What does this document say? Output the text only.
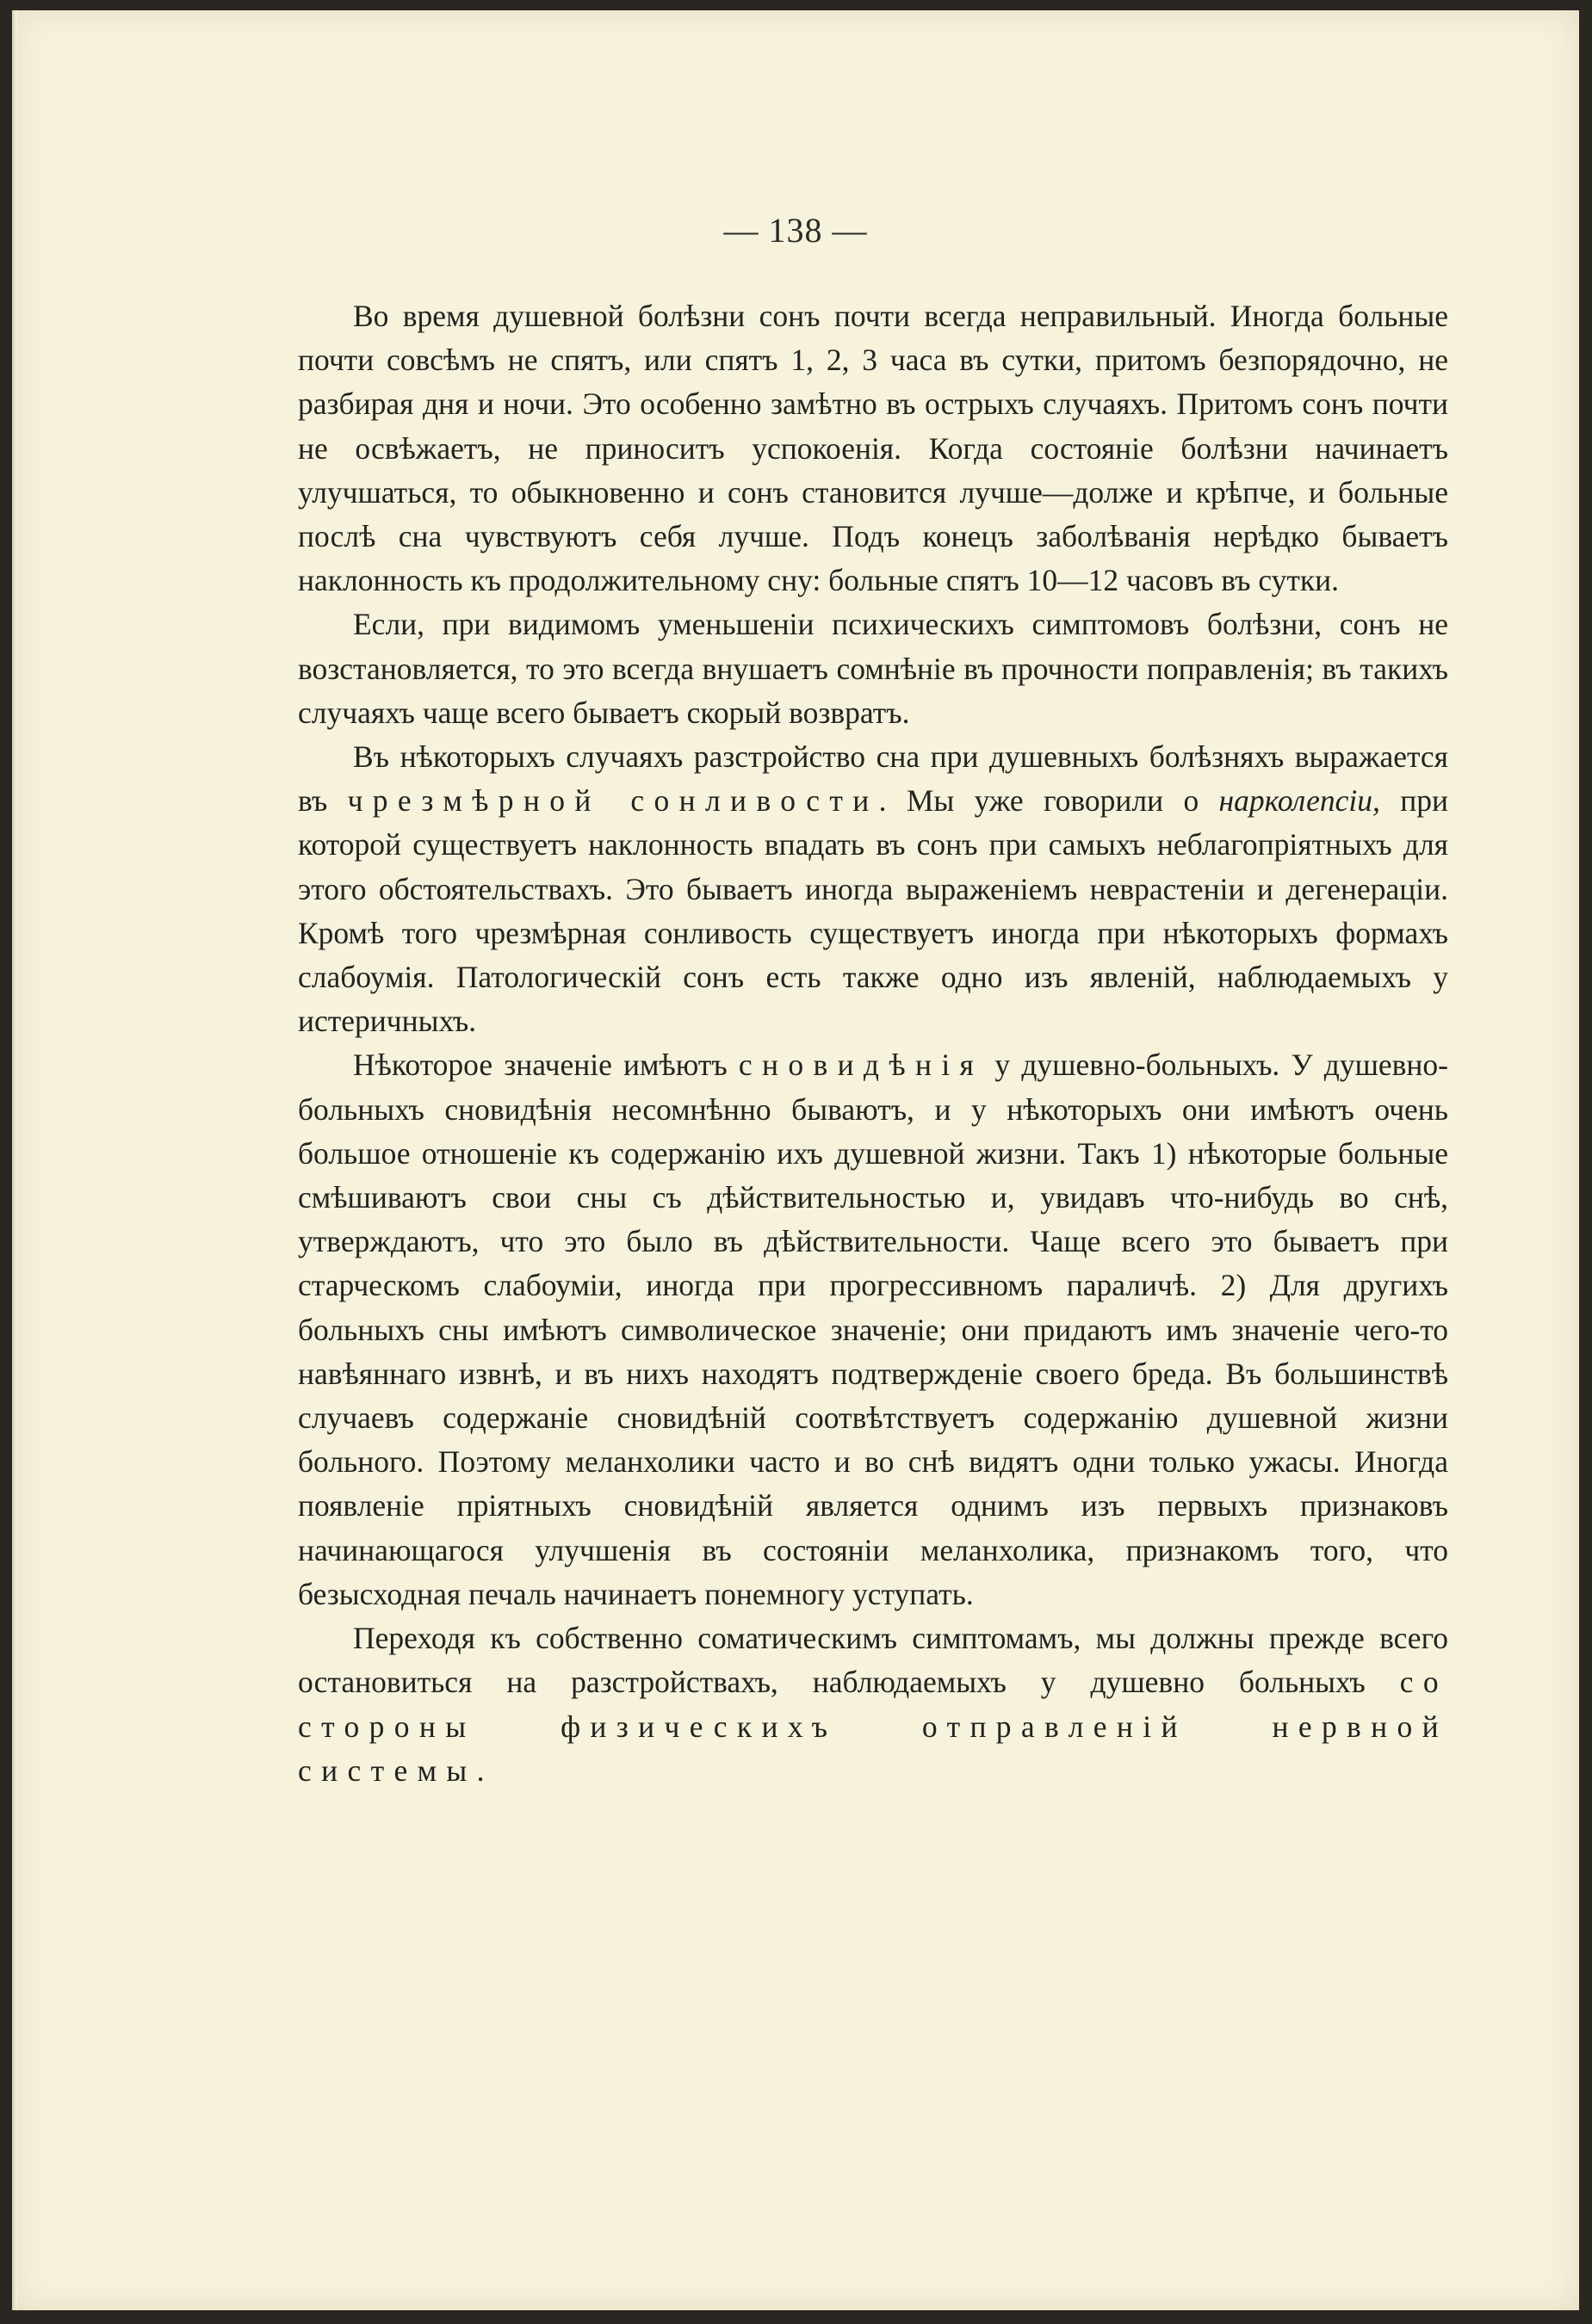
— 138 —

Во время душевной болѣзни сонъ почти всегда неправильный. Иногда больные почти совсѣмъ не спятъ, или спятъ 1, 2, 3 часа въ сутки, притомъ безпорядочно, не разбирая дня и ночи. Это особенно замѣтно въ острыхъ случаяхъ. Притомъ сонъ почти не освѣжаетъ, не приноситъ успокоенія. Когда состояніе болѣзни начинаетъ улучшаться, то обыкновенно и сонъ становится лучше—долже и крѣпче, и больные послѣ сна чувствуютъ себя лучше. Подъ конецъ заболѣванія нерѣдко бываетъ наклонность къ продолжительному сну: больные спятъ 10—12 часовъ въ сутки.

Если, при видимомъ уменьшеніи психическихъ симптомовъ болѣзни, сонъ не возстановляется, то это всегда внушаетъ сомнѣніе въ прочности поправленія; въ такихъ случаяхъ чаще всего бываетъ скорый возвратъ.

Въ нѣкоторыхъ случаяхъ разстройство сна при душевныхъ болѣзняхъ выражается въ чрезмѣрной сонливости. Мы уже говорили о нарколепсіи, при которой существуетъ наклонность впадать въ сонъ при самыхъ неблагопріятныхъ для этого обстоятельствахъ. Это бываетъ иногда выраженіемъ неврастеніи и дегенераціи. Кромѣ того чрезмѣрная сонливость существуетъ иногда при нѣкоторыхъ формахъ слабоумія. Патологическій сонъ есть также одно изъ явленій, наблюдаемыхъ у истеричныхъ.

Нѣкоторое значеніе имѣютъ сновидѣнія у душевно-больныхъ. У душевно-больныхъ сновидѣнія несомнѣнно бываютъ, и у нѣкоторыхъ они имѣютъ очень большое отношеніе къ содержанію ихъ душевной жизни. Такъ 1) нѣкоторые больные смѣшиваютъ свои сны съ дѣйствительностью и, увидавъ что-нибудь во снѣ, утверждаютъ, что это было въ дѣйствительности. Чаще всего это бываетъ при старческомъ слабоуміи, иногда при прогрессивномъ параличѣ. 2) Для другихъ больныхъ сны имѣютъ символическое значеніе; они придаютъ имъ значеніе чего-то навѣяннаго извнѣ, и въ нихъ находятъ подтвержденіе своего бреда. Въ большинствѣ случаевъ содержаніе сновидѣній соотвѣтствуетъ содержанію душевной жизни больного. Поэтому меланхолики часто и во снѣ видятъ одни только ужасы. Иногда появленіе пріятныхъ сновидѣній является однимъ изъ первыхъ признаковъ начинающагося улучшенія въ состояніи меланхолика, признакомъ того, что безысходная печаль начинаетъ понемногу уступать.

Переходя къ собственно соматическимъ симптомамъ, мы должны прежде всего остановиться на разстройствахъ, наблюдаемыхъ у душевно больныхъ со стороны физическихъ отправленій нервной системы.
